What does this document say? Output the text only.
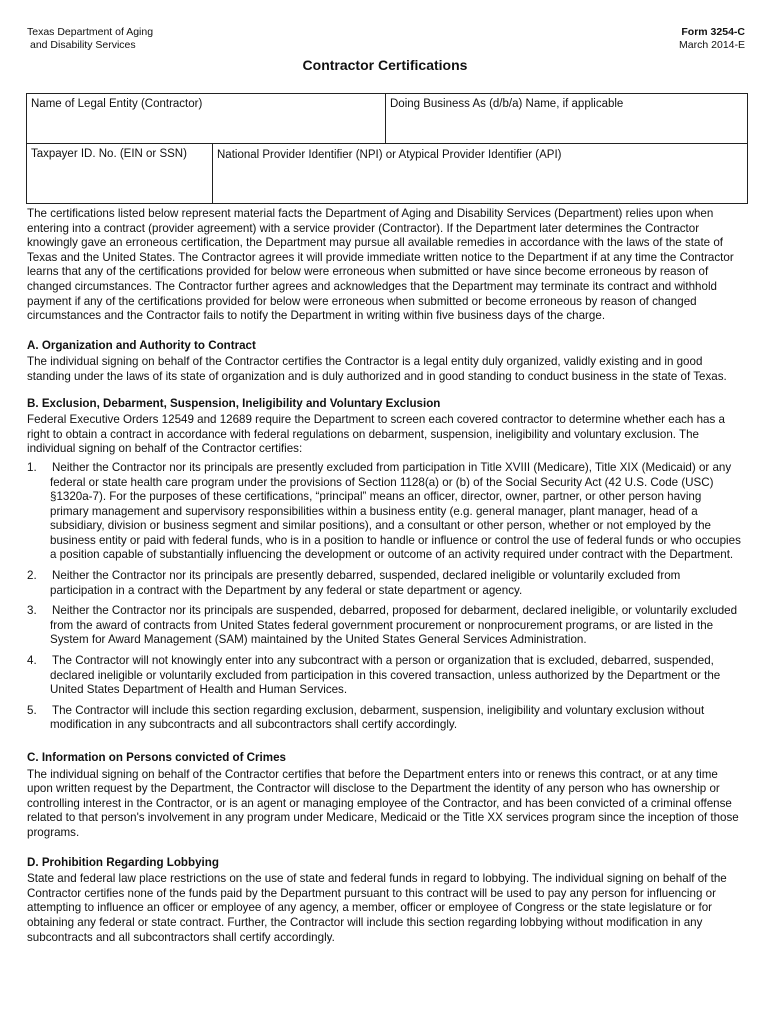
Texas Department of Aging
and Disability Services
Form 3254-C
March 2014-E
Contractor Certifications
Name of Legal Entity (Contractor)	Doing Business As (d/b/a) Name, if applicable
Taxpayer ID. No. (EIN or SSN)	National Provider Identifier (NPI) or Atypical Provider Identifier (API)

The certifications listed below represent material facts the Department of Aging and Disability Services (Department) relies upon when entering into a contract (provider agreement) with a service provider (Contractor). If the Department later determines the Contractor knowingly gave an erroneous certification, the Department may pursue all available remedies in accordance with the laws of the state of Texas and the United States. The Contractor agrees it will provide immediate written notice to the Department if at any time the Contractor learns that any of the certifications provided for below were erroneous when submitted or have since become erroneous by reason of changed circumstances. The Contractor further agrees and acknowledges that the Department may terminate its contract and withhold payment if any of the certifications provided for below were erroneous when submitted or become erroneous by reason of changed circumstances and the Contractor fails to notify the Department in writing within five business days of the charge.

A. Organization and Authority to Contract

The individual signing on behalf of the Contractor certifies the Contractor is a legal entity duly organized, validly existing and in good standing under the laws of its state of organization and is duly authorized and in good standing to conduct business in the state of Texas.

B. Exclusion, Debarment, Suspension, Ineligibility and Voluntary Exclusion

Federal Executive Orders 12549 and 12689 require the Department to screen each covered contractor to determine whether each has a right to obtain a contract in accordance with federal regulations on debarment, suspension, ineligibility and voluntary exclusion. The individual signing on behalf of the Contractor certifies:

1. Neither the Contractor nor its principals are presently excluded from participation in Title XVIII (Medicare), Title XIX (Medicaid) or any federal or state health care program under the provisions of Section 1128(a) or (b) of the Social Security Act (42 U.S. Code (USC) §1320a-7). For the purposes of these certifications, “principal” means an officer, director, owner, partner, or other person having primary management and supervisory responsibilities within a business entity (e.g. general manager, plant manager, head of a subsidiary, division or business segment and similar positions), and a consultant or other person, whether or not employed by the business entity or paid with federal funds, who is in a position to handle or influence or control the use of federal funds or who occupies a position capable of substantially influencing the development or outcome of an activity required under contract with the Department.
2. Neither the Contractor nor its principals are presently debarred, suspended, declared ineligible or voluntarily excluded from participation in a contract with the Department by any federal or state department or agency.
3. Neither the Contractor nor its principals are suspended, debarred, proposed for debarment, declared ineligible, or voluntarily excluded from the award of contracts from United States federal government procurement or nonprocurement programs, or are listed in the System for Award Management (SAM) maintained by the United States General Services Administration.
4. The Contractor will not knowingly enter into any subcontract with a person or organization that is excluded, debarred, suspended, declared ineligible or voluntarily excluded from participation in this covered transaction, unless authorized by the Department or the United States Department of Health and Human Services.
5. The Contractor will include this section regarding exclusion, debarment, suspension, ineligibility and voluntary exclusion without modification in any subcontracts and all subcontractors shall certify accordingly.
C. Information on Persons convicted of Crimes

The individual signing on behalf of the Contractor certifies that before the Department enters into or renews this contract, or at any time upon written request by the Department, the Contractor will disclose to the Department the identity of any person who has ownership or controlling interest in the Contractor, or is an agent or managing employee of the Contractor, and has been convicted of a criminal offense related to that person's involvement in any program under Medicare, Medicaid or the Title XX services program since the inception of those programs.

D. Prohibition Regarding Lobbying

State and federal law place restrictions on the use of state and federal funds in regard to lobbying. The individual signing on behalf of the Contractor certifies none of the funds paid by the Department pursuant to this contract will be used to pay any person for influencing or attempting to influence an officer or employee of any agency, a member, officer or employee of Congress or the state legislature or for obtaining any federal or state contract. Further, the Contractor will include this section regarding lobbying without modification in any subcontracts and all subcontractors shall certify accordingly.
